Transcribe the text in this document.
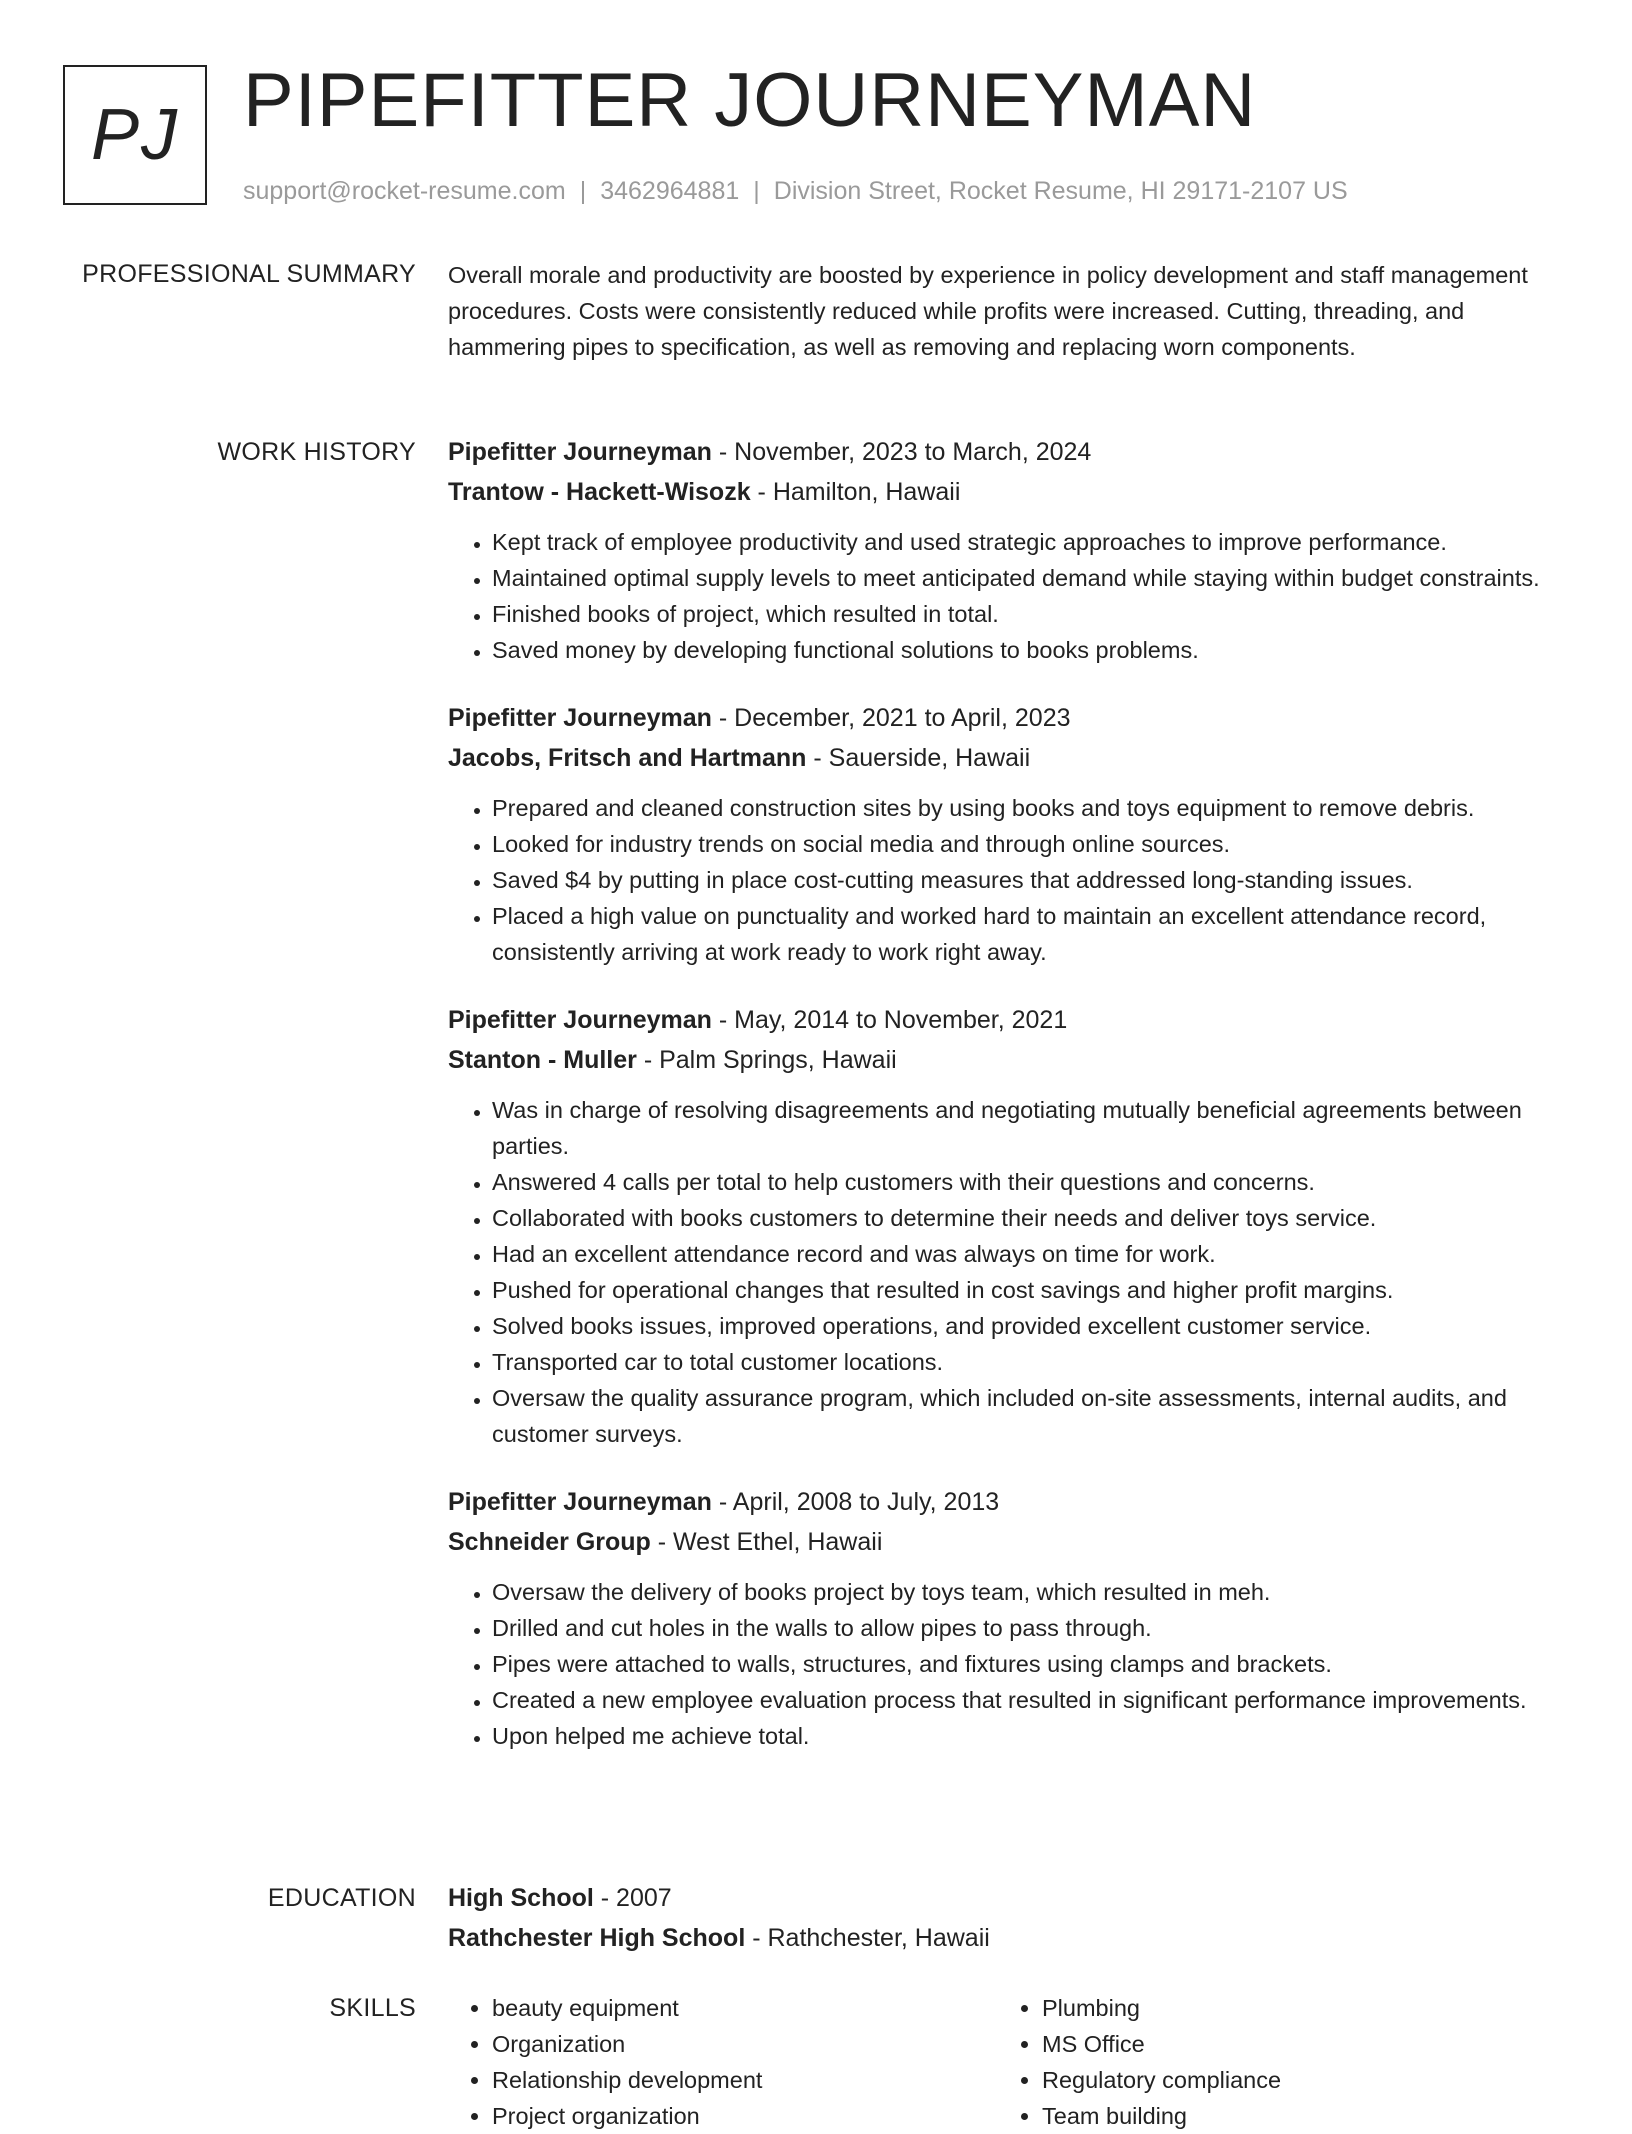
PJ PIPEFITTER JOURNEYMAN
support@rocket-resume.com | 3462964881 | Division Street, Rocket Resume, HI 29171-2107 US
PROFESSIONAL SUMMARY Overall morale and productivity are boosted by experience in policy development and staff management procedures. Costs were consistently reduced while profits were increased. Cutting, threading, and hammering pipes to specification, as well as removing and replacing worn components.

WORK HISTORY Pipefitter Journeyman - November, 2023 to March, 2024
Trantow - Hackett-Wisozk - Hamilton, Hawaii
• Kept track of employee productivity and used strategic approaches to improve performance.
• Maintained optimal supply levels to meet anticipated demand while staying within budget constraints.
• Finished books of project, which resulted in total.
• Saved money by developing functional solutions to books problems.
Pipefitter Journeyman - December, 2021 to April, 2023
Jacobs, Fritsch and Hartmann - Sauerside, Hawaii
• Prepared and cleaned construction sites by using books and toys equipment to remove debris.
• Looked for industry trends on social media and through online sources.
• Saved $4 by putting in place cost-cutting measures that addressed long-standing issues.
• Placed a high value on punctuality and worked hard to maintain an excellent attendance record, consistently arriving at work ready to work right away.
Pipefitter Journeyman - May, 2014 to November, 2021
Stanton - Muller - Palm Springs, Hawaii
• Was in charge of resolving disagreements and negotiating mutually beneficial agreements between parties.
• Answered 4 calls per total to help customers with their questions and concerns.
• Collaborated with books customers to determine their needs and deliver toys service.
• Had an excellent attendance record and was always on time for work.
• Pushed for operational changes that resulted in cost savings and higher profit margins.
• Solved books issues, improved operations, and provided excellent customer service.
• Transported car to total customer locations.
• Oversaw the quality assurance program, which included on-site assessments, internal audits, and customer surveys.
Pipefitter Journeyman - April, 2008 to July, 2013
Schneider Group - West Ethel, Hawaii
• Oversaw the delivery of books project by toys team, which resulted in meh.
• Drilled and cut holes in the walls to allow pipes to pass through.
• Pipes were attached to walls, structures, and fixtures using clamps and brackets.
• Created a new employee evaluation process that resulted in significant performance improvements.
• Upon helped me achieve total.
EDUCATION High School - 2007
Rathchester High School - Rathchester, Hawaii
SKILLS
•	beauty equipment
• Organization
• Relationship development
• Project organization
• Plumbing
• MS Office
• Regulatory compliance
• Team building
